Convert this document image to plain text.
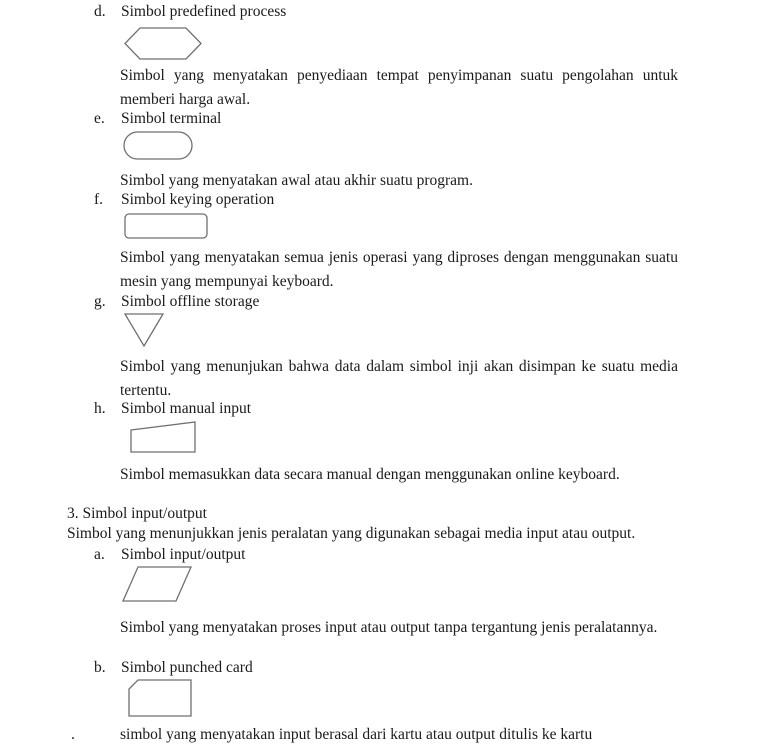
d. Simbol predefined process

Simbol yang menyatakan penyediaan tempat penyimpanan suatu pengolahan untuk memberi harga awal.

e.	Simbol terminal

Simbol yang menyatakan awal atau akhir suatu program.

f.	Simbol keying operation

Simbol yang menyatakan semua jenis operasi yang diproses dengan menggunakan suatu mesin yang mempunyai keyboard.

g. Simbol offline storage

Simbol yang menunjukan bahwa data dalam simbol inji akan disimpan ke suatu media tertentu.

h. Simbol manual input

Simbol memasukkan data secara manual dengan menggunakan online keyboard.

3. Simbol input/output
Simbol yang menunjukkan jenis peralatan yang digunakan sebagai media input atau output.
a.	Simbol input/output

Simbol yang menyatakan proses input atau output tanpa tergantung jenis peralatannya.

b. Simbol punched card
.	simbol yang menyatakan input berasal dari kartu atau output ditulis ke kartu
